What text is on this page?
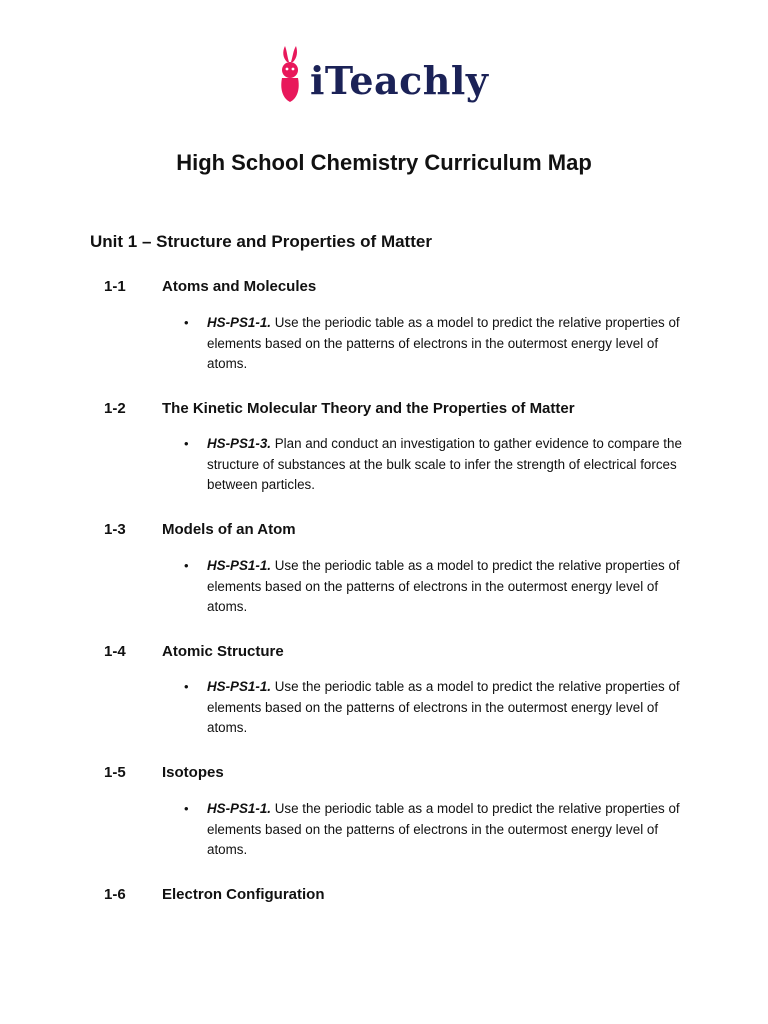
iTeachly
High School Chemistry Curriculum Map
Unit 1 – Structure and Properties of Matter
1-1	Atoms and Molecules
• HS-PS1-1. Use the periodic table as a model to predict the relative properties of elements based on the patterns of electrons in the outermost energy level of atoms.
1-2	The Kinetic Molecular Theory and the Properties of Matter
• HS-PS1-3. Plan and conduct an investigation to gather evidence to compare the structure of substances at the bulk scale to infer the strength of electrical forces between particles.
1-3	Models of an Atom
• HS-PS1-1. Use the periodic table as a model to predict the relative properties of elements based on the patterns of electrons in the outermost energy level of atoms.
1-4	Atomic Structure
• HS-PS1-1. Use the periodic table as a model to predict the relative properties of elements based on the patterns of electrons in the outermost energy level of atoms.
1-5	Isotopes
• HS-PS1-1. Use the periodic table as a model to predict the relative properties of elements based on the patterns of electrons in the outermost energy level of atoms.
1-6	Electron Configuration
